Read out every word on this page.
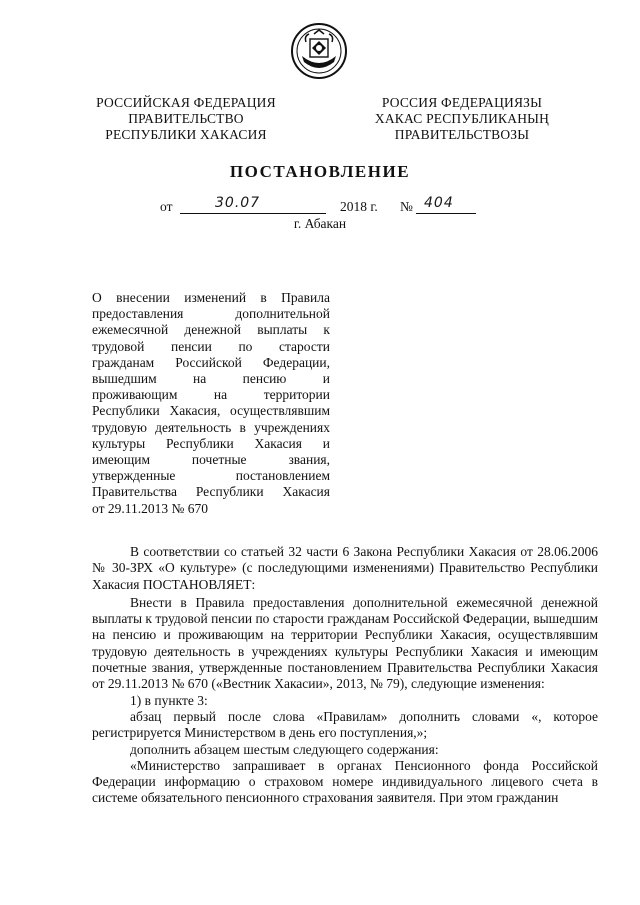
РОССИЙСКАЯ ФЕДЕРАЦИЯ
ПРАВИТЕЛЬСТВО
РЕСПУБЛИКИ ХАКАСИЯ
РОССИЯ ФЕДЕРАЦИЯЗЫ
ХАКАС РЕСПУБЛИКАНЫҢ
ПРАВИТЕЛЬСТВОЗЫ
ПОСТАНОВЛЕНИЕ
от	30.07	2018 г. № 404
г. Абакан
О внесении изменений в Правила
предоставления дополнительной
ежемесячной денежной выплаты к
трудовой пенсии по старости
гражданам Российской Федерации,
вышедшим на пенсию и
проживающим на территории
Республики Хакасия, осуществлявшим
трудовую деятельность в учреждениях
культуры Республики Хакасия и
имеющим почетные звания,
утвержденные постановлением
Правительства Республики Хакасия
от 29.11.2013 № 670

В соответствии со статьей 32 части 6 Закона Республики Хакасия от 28.06.2006 № 30-ЗРХ «О культуре» (с последующими изменениями) Правительство Республики Хакасия ПОСТАНОВЛЯЕТ:

Внести в Правила предоставления дополнительной ежемесячной денежной выплаты к трудовой пенсии по старости гражданам Российской Федерации, вышедшим на пенсию и проживающим на территории Республики Хакасия, осуществлявшим трудовую деятельность в учреждениях культуры Республики Хакасия и имеющим почетные звания, утвержденные постановлением Правительства Республики Хакасия от 29.11.2013 № 670 («Вестник Хакасии», 2013, № 79), следующие изменения:

1) в пункте 3:

абзац первый после слова «Правилам» дополнить словами «, которое регистрируется Министерством в день его поступления,»;

дополнить абзацем шестым следующего содержания:

«Министерство запрашивает в органах Пенсионного фонда Российской Федерации информацию о страховом номере индивидуального лицевого счета в системе обязательного пенсионного страхования заявителя. При этом гражданин
